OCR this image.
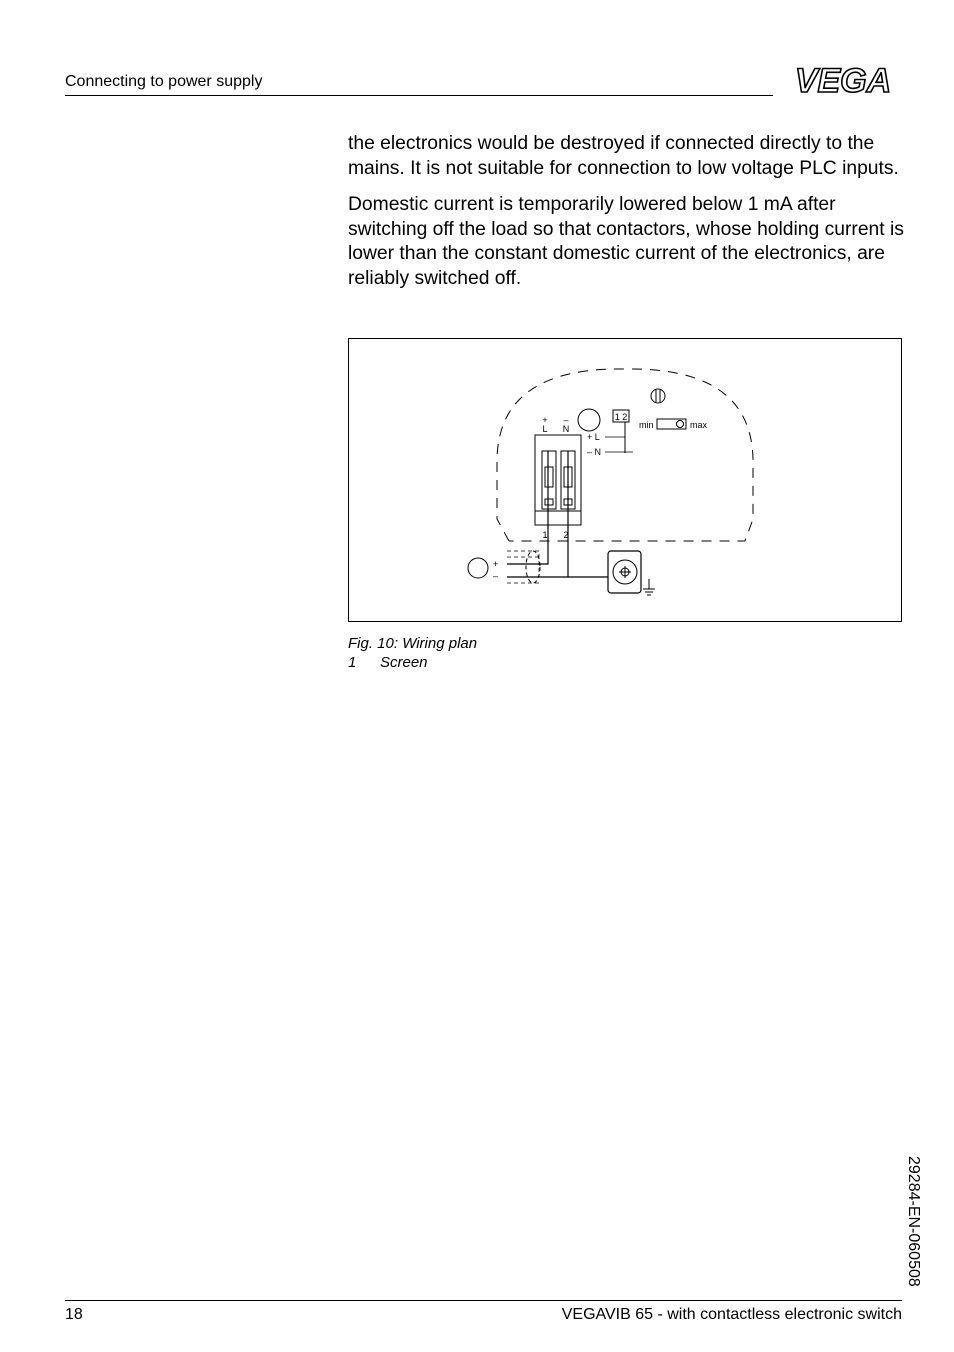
Connecting to power supply	VEGA

the electronics would be destroyed if connected directly to the mains. It is not suitable for connection to low voltage PLC inputs.

Domestic current is temporarily lowered below 1 mA after switching off the load so that contactors, whose holding current is lower than the constant domestic current of the electronics, are reliably switched off.

+ –
L N
1 2
+ L
– N
min	max
1 2
+
–
Fig. 10: Wiring plan
1 Screen
29284-EN-060508
18	VEGAVIB 65 - with contactless electronic switch
